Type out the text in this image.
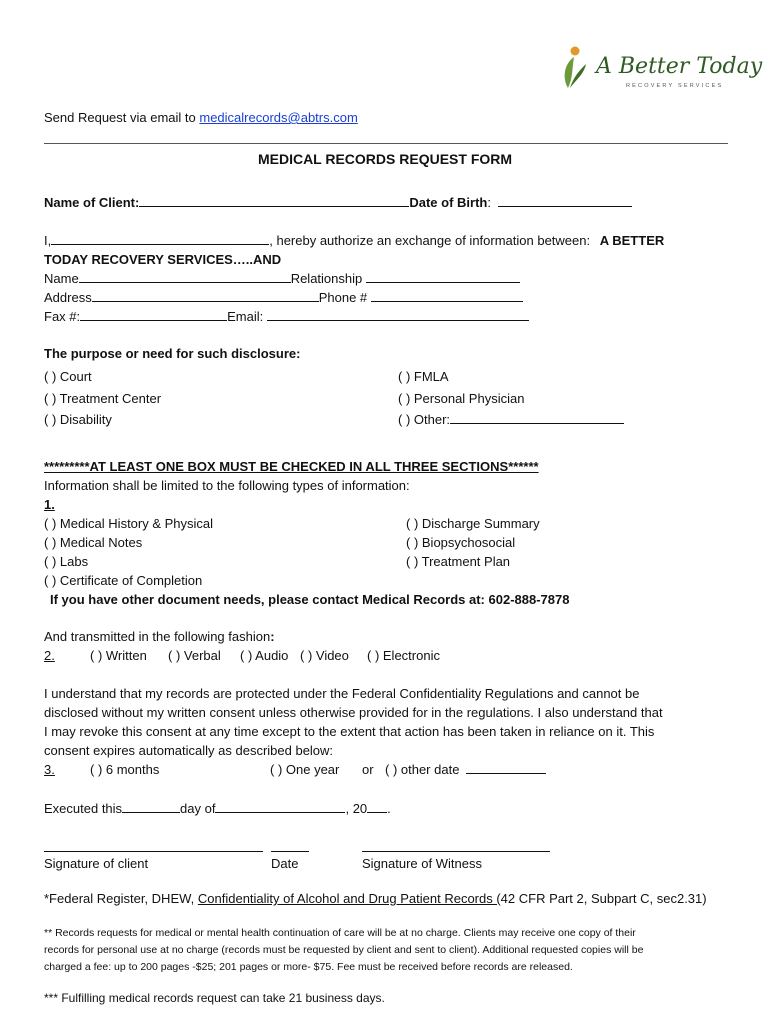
A Better Today
RECOVERY SERVICES
Send Request via email to medicalrecords@abtrs.com
MEDICAL RECORDS REQUEST FORM
Name of Client:	Date of Birth:
I,	, hereby authorize an exchange of information between: A BETTER
TODAY RECOVERY SERVICES…..AND
Name	Relationship
Address	Phone #
Fax #:	Email:
The purpose or need for such disclosure:
( ) Court
( ) Treatment Center
( ) Disability
( ) FMLA
( ) Personal Physician
( ) Other:
*********AT LEAST ONE BOX MUST BE CHECKED IN ALL THREE SECTIONS******
Information shall be limited to the following types of information:
1.
( ) Medical History & Physical
( ) Medical Notes
( ) Labs
( ) Certificate of Completion
( ) Discharge Summary
( ) Biopsychosocial
( ) Treatment Plan
If you have other document needs, please contact Medical Records at: 602-888-7878
And transmitted in the following fashion:
2.	( ) Written ( ) Verbal ( ) Audio ( ) Video ( ) Electronic
I understand that my records are protected under the Federal Confidentiality Regulations and cannot be
disclosed without my written consent unless otherwise provided for in the regulations. I also understand that
I may revoke this consent at any time except to the extent that action has been taken in reliance on it. This
consent expires automatically as described below:
3.	( ) 6 months	( ) One year or ( ) other date
Executed this	day of	, 20 .
Signature of client	Date	Signature of Witness
*Federal Register, DHEW, Confidentiality of Alcohol and Drug Patient Records (42 CFR Part 2, Subpart C, sec2.31)
** Records requests for medical or mental health continuation of care will be at no charge. Clients may receive one copy of their
records for personal use at no charge (records must be requested by client and sent to client). Additional requested copies will be
charged a fee: up to 200 pages -$25; 201 pages or more- $75. Fee must be received before records are released.
*** Fulfilling medical records request can take 21 business days.
